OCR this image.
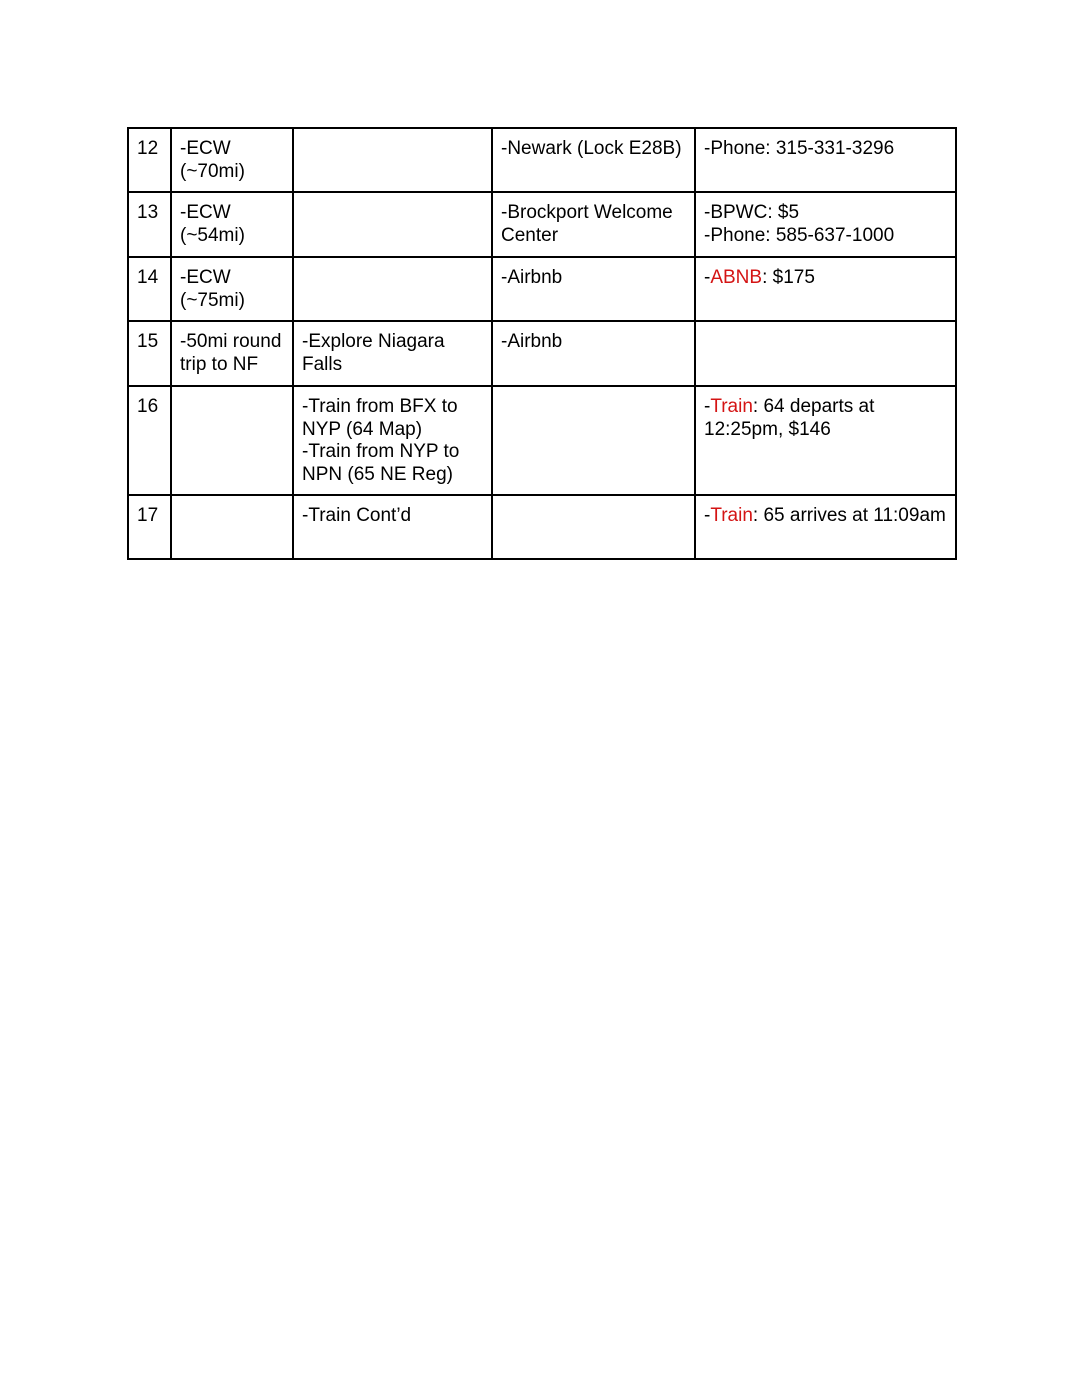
12	-ECW
(~70mi)		-Newark (Lock E28B)	-Phone: 315-331-3296

13	-ECW
(~54mi)		-Brockport Welcome Center	-BPWC: $5
-Phone: 585-637-1000

14	-ECW
(~75mi)		-Airbnb	-ABNB: $175

15	-50mi round trip to NF	-Explore Niagara Falls	-Airbnb	

16		-Train from BFX to NYP (64 Map)
-Train from NYP to NPN (65 NE Reg)		-Train: 64 departs at 12:25pm, $146

17		-Train Cont’d		-Train: 65 arrives at 11:09am
